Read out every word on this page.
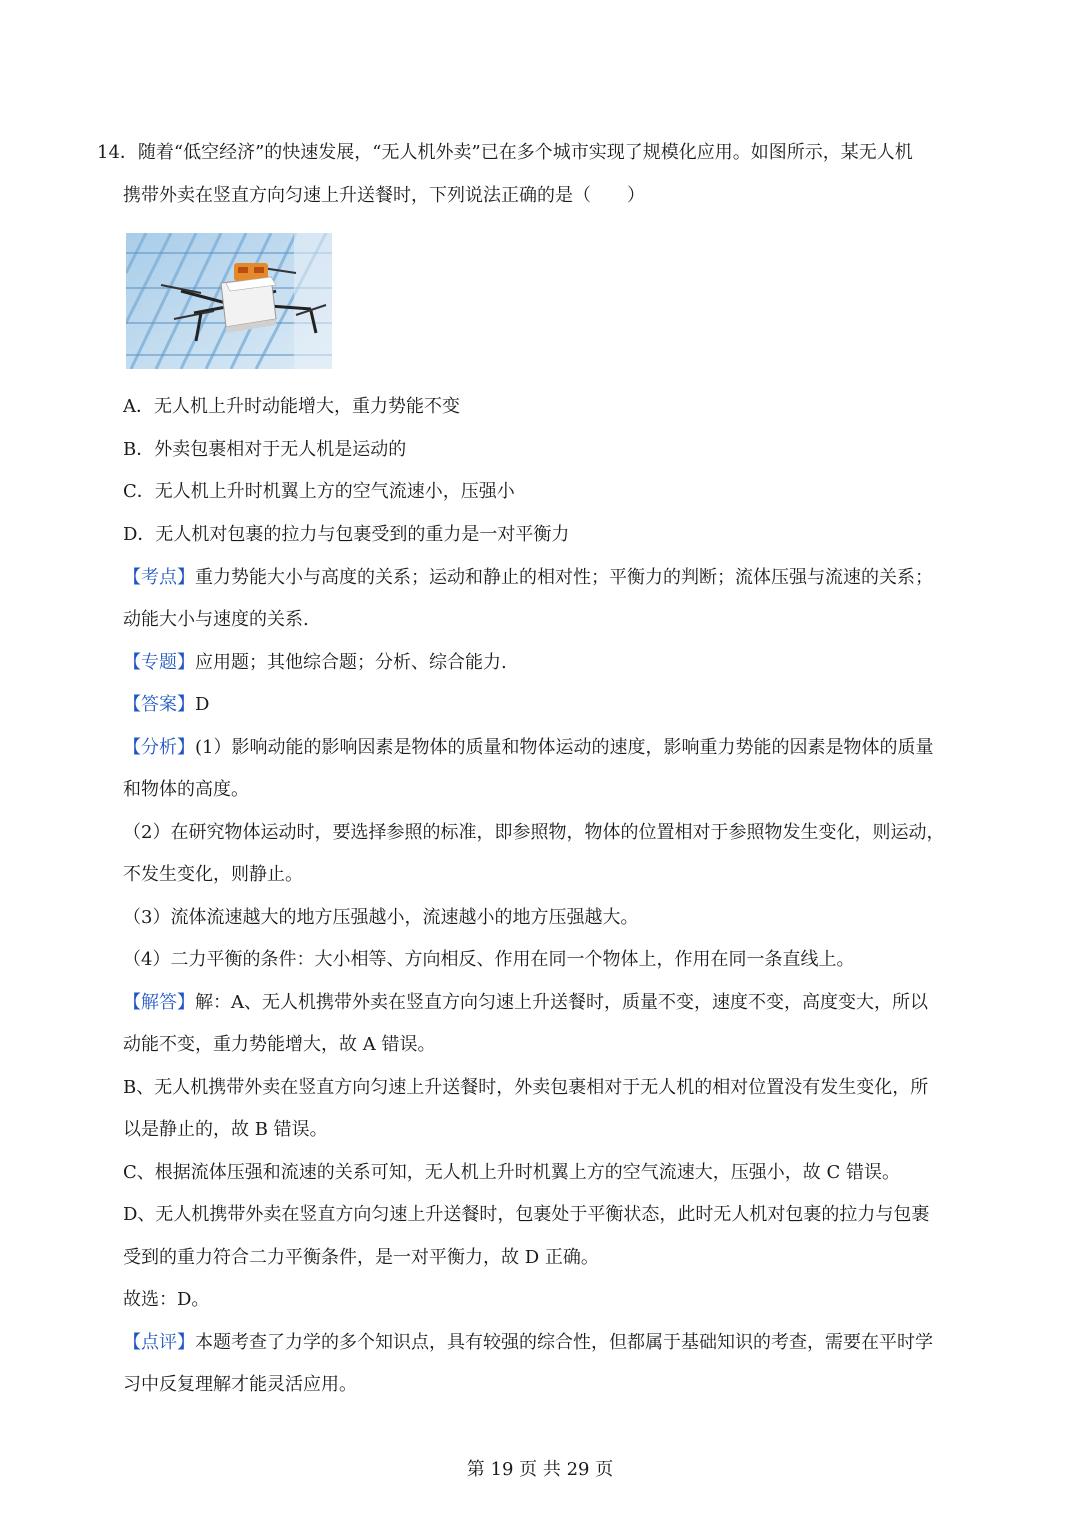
14．随着“低空经济”的快速发展，“无人机外卖”已在多个城市实现了规模化应用。如图所示，某无人机
携带外卖在竖直方向匀速上升送餐时，下列说法正确的是（　　）
A．无人机上升时动能增大，重力势能不变
B．外卖包裹相对于无人机是运动的
C．无人机上升时机翼上方的空气流速小，压强小
D．无人机对包裹的拉力与包裹受到的重力是一对平衡力
【考点】重力势能大小与高度的关系；运动和静止的相对性；平衡力的判断；流体压强与流速的关系；
动能大小与速度的关系.
【专题】应用题；其他综合题；分析、综合能力.
【答案】D
【分析】(1）影响动能的影响因素是物体的质量和物体运动的速度，影响重力势能的因素是物体的质量
和物体的高度。
（2）在研究物体运动时，要选择参照的标准，即参照物，物体的位置相对于参照物发生变化，则运动，
不发生变化，则静止。
（3）流体流速越大的地方压强越小，流速越小的地方压强越大。
（4）二力平衡的条件：大小相等、方向相反、作用在同一个物体上，作用在同一条直线上。
【解答】解：A、无人机携带外卖在竖直方向匀速上升送餐时，质量不变，速度不变，高度变大，所以
动能不变，重力势能增大，故 A 错误。
B、无人机携带外卖在竖直方向匀速上升送餐时，外卖包裹相对于无人机的相对位置没有发生变化，所
以是静止的，故 B 错误。
C、根据流体压强和流速的关系可知，无人机上升时机翼上方的空气流速大，压强小，故 C 错误。
D、无人机携带外卖在竖直方向匀速上升送餐时，包裹处于平衡状态，此时无人机对包裹的拉力与包裹
受到的重力符合二力平衡条件，是一对平衡力，故 D 正确。
故选：D。
【点评】本题考查了力学的多个知识点，具有较强的综合性，但都属于基础知识的考查，需要在平时学
习中反复理解才能灵活应用。
第 19 页 共 29 页
